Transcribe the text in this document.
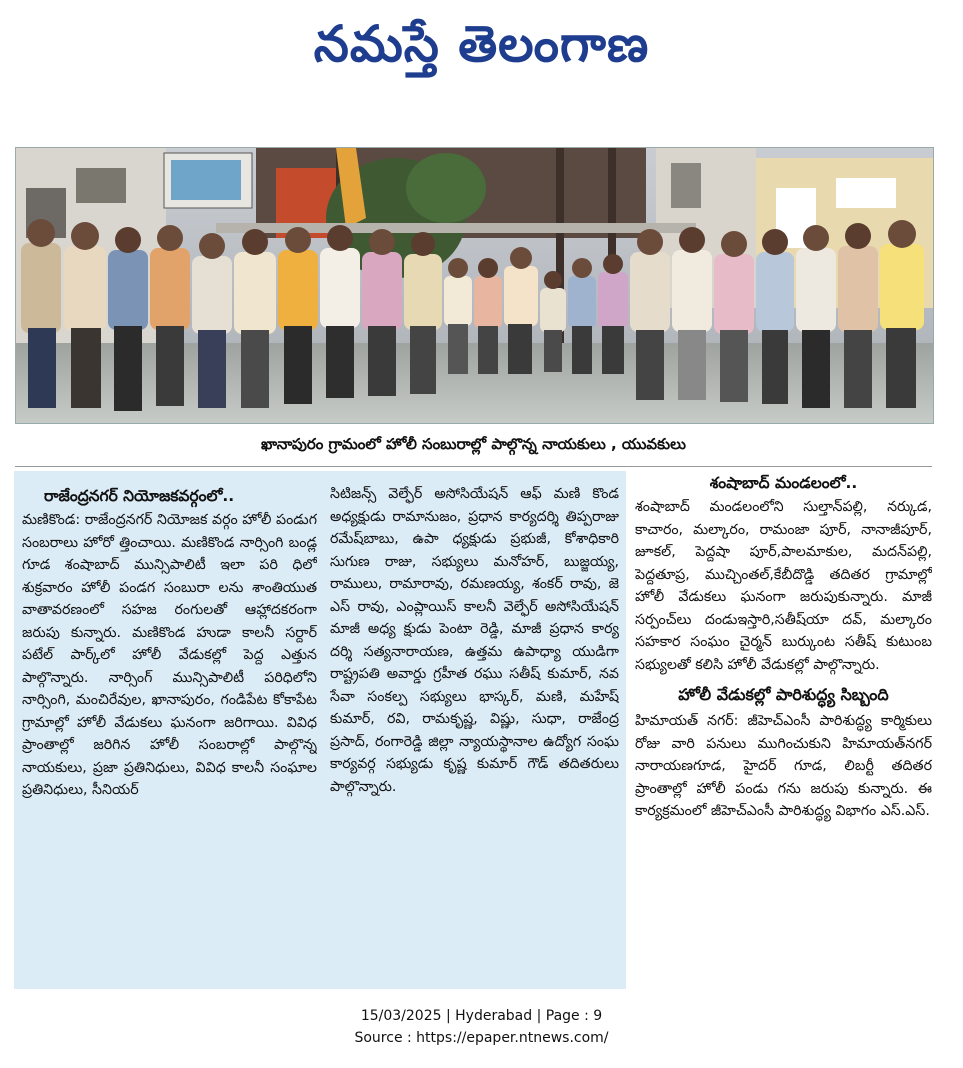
నమస్తే తెలంగాణ
ఖానాపురం గ్రామంలో హోలీ సంబురాల్లో పాల్గొన్న నాయకులు , యువకులు
రాజేంద్రనగర్ నియోజకవర్గంలో..
మణికొండ: రాజేంద్రనగర్ నియోజక వర్గం హోలీ పండుగ సంబరాలు హోరో త్తించాయి. మణికొండ నార్సింగి బండ్ల గూడ శంషాబాద్ మున్సిపాలిటీ ఇలా పరి ధిలో శుక్రవారం హోలీ పండగ సంబురా లను శాంతియుత వాతావరణంలో సహజ రంగులతో ఆహ్లాదకరంగా జరుపు కున్నారు. మణికొండ హుడా కాలనీ సర్దార్ పటేల్ పార్క్‌లో హోలీ వేడుకల్లో పెద్ద ఎత్తున పాల్గొన్నారు. నార్సింగ్ మున్సిపాలిటీ పరిధిలోని నార్సింగి, మంచిరేవుల, ఖానాపురం, గండిపేట కోకాపేట గ్రామాల్లో హోలీ వేడుకలు ఘనంగా జరిగాయి. వివిధ ప్రాంతాల్లో జరిగిన హోలీ సంబరాల్లో పాల్గొన్న నాయకులు, ప్రజా ప్రతినిధులు, వివిధ కాలనీ సంఘాల ప్రతినిధులు, సీనియర్
సిటిజన్స్ వెల్ఫేర్ అసోసియేషన్ ఆఫ్ మణి కొండ అధ్యక్షుడు రామానుజం, ప్రధాన కార్యదర్శి తిప్పరాజు రమేష్‌బాబు, ఉపా ధ్యక్షుడు ప్రభుజీ, కోశాధికారి సుగుణ రాజు, సభ్యులు మనోహర్, బుజ్జయ్య, రాములు, రామారావు, రమణయ్య, శంకర్ రావు, జె ఎస్ రావు, ఎంప్లాయిస్ కాలనీ వెల్ఫేర్ అసోసియేషన్ మాజీ అధ్య క్షుడు పెంటా రెడ్డి, మాజీ ప్రధాన కార్య దర్శి సత్యనారాయణ, ఉత్తమ ఉపాధ్యా యుడిగా రాష్ట్రపతి అవార్డు గ్రహీత రఘు సతీష్ కుమార్, నవ సేవా సంకల్ప సభ్యులు భాస్కర్, మణి, మహేష్ కుమార్, రవి, రామకృష్ణ, విష్ణు, సుధా, రాజేంద్ర ప్రసాద్, రంగారెడ్డి జిల్లా న్యాయస్థానాల ఉద్యోగ సంఘ కార్యవర్గ సభ్యుడు కృష్ణ కుమార్ గౌడ్ తదితరులు పాల్గొన్నారు.
శంషాబాద్ మండలంలో..
శంషాబాద్ మండలంలోని సుల్తాన్‌పల్లి, నర్కుడ, కాచారం, మల్కారం, రామంజా పూర్, నానాజీపూర్, జూకల్, పెద్దషా పూర్,పాలమాకుల, మదన్‌పల్లి, పెద్దతూప్ర, ముచ్చింతల్,కేబీదొడ్డి తదితర గ్రామాల్లో హోలీ వేడుకలు ఘనంగా జరుపుకున్నారు. మాజీ సర్పంచ్‌లు దండుఇస్తారి,సతీష్‌యా దవ్, మల్కారం సహకార సంఘం చైర్మన్ బుర్కుంట సతీష్ కుటుంబ సభ్యులతో కలిసి హోలీ వేడుకల్లో పాల్గొన్నారు.
హోలీ వేడుకల్లో పారిశుద్ధ్య సిబ్బంది
హిమాయత్ నగర్: జీహెచ్ఎంసీ పారిశుద్ధ్య కార్మికులు రోజు వారి పనులు ముగించుకుని హిమాయత్‌నగర్ నారాయణగూడ, హైదర్ గూడ, లిబర్టీ తదితర ప్రాంతాల్లో హోలీ పండు గను జరుపు కున్నారు. ఈ కార్యక్రమంలో జీహెచ్ఎంసీ పారిశుద్ధ్య విభాగం ఎస్.ఎస్.
15/03/2025 | Hyderabad | Page : 9
Source : https://epaper.ntnews.com/
